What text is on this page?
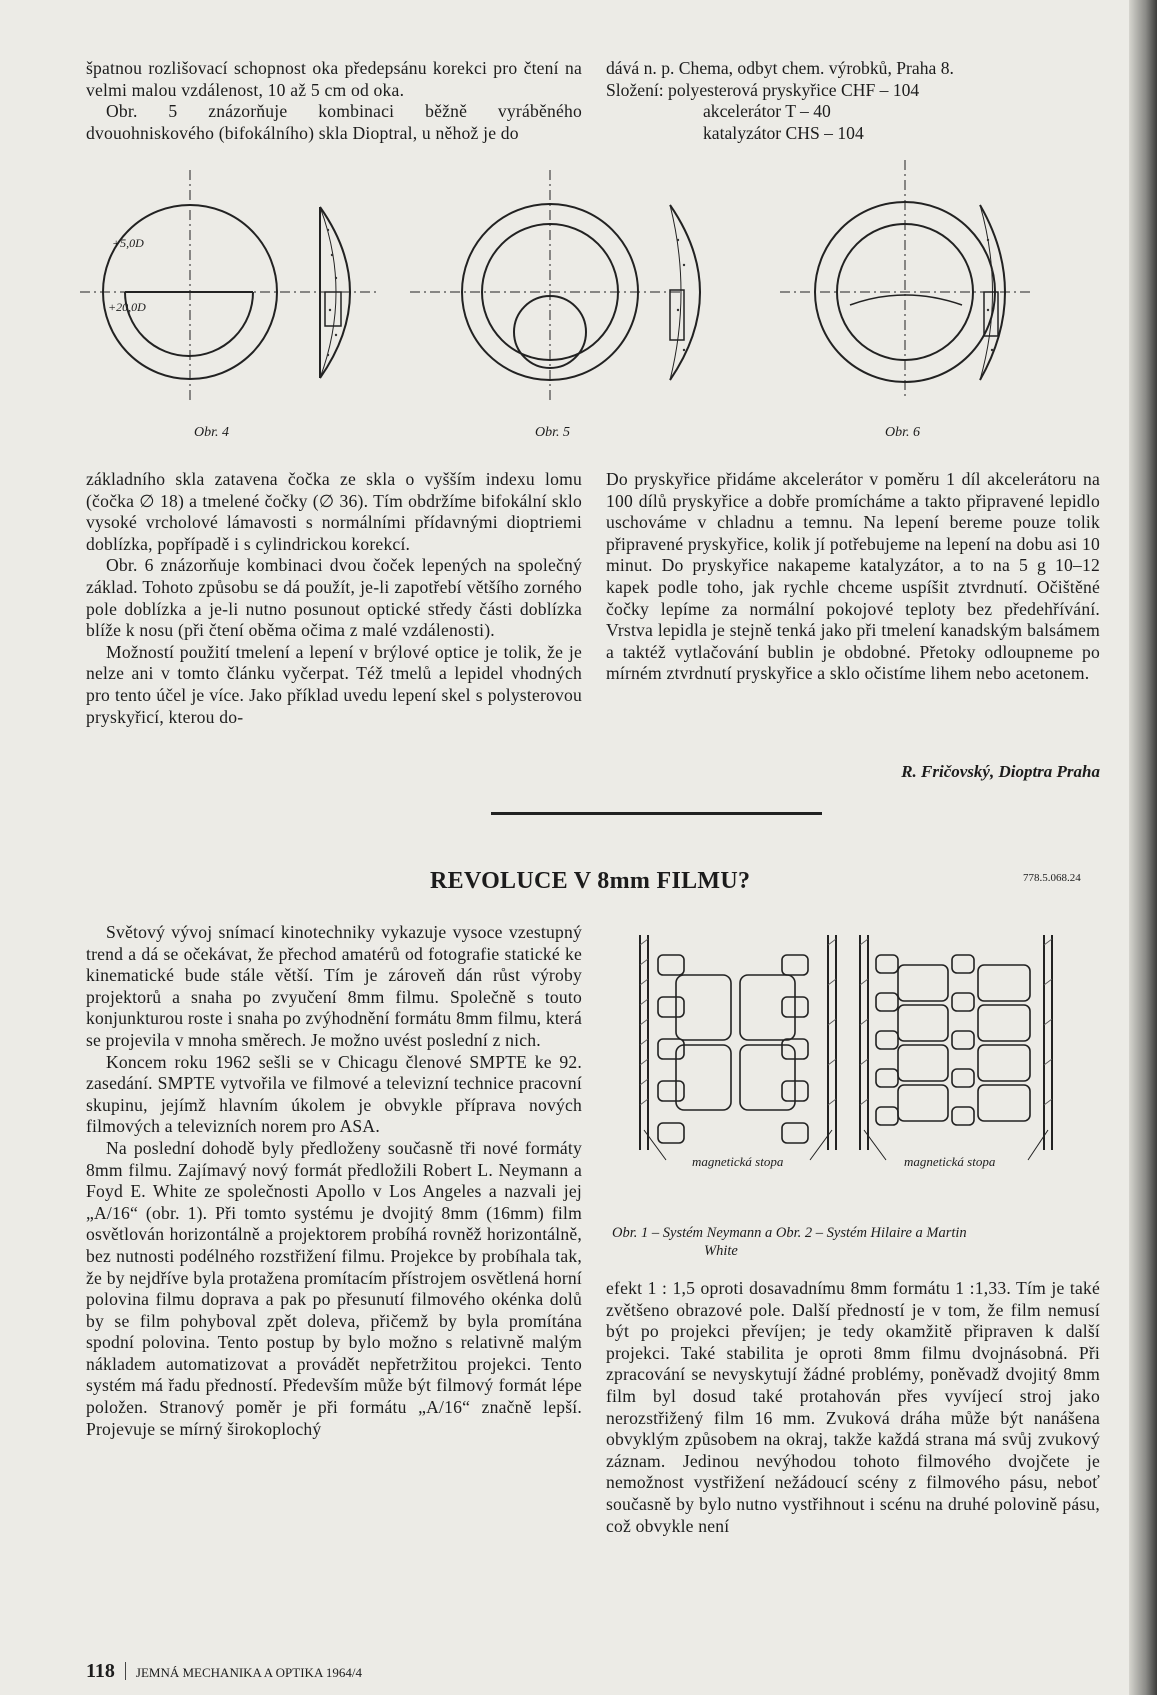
špatnou rozlišovací schopnost oka předepsánu korekci pro čtení na velmi malou vzdálenost, 10 až 5 cm od oka.

Obr. 5 znázorňuje kombinaci běžně vyráběného dvouohniskového (bifokálního) skla Dioptral, u něhož je do

dává n. p. Chema, odbyt chem. výrobků, Praha 8.
Složení: polyesterová pryskyřice CHF – 104
akcelerátor T – 40
katalyzátor CHS – 104
+5,0D
+20,0D
Obr. 4	Obr. 5	Obr. 6

základního skla zatavena čočka ze skla o vyšším indexu lomu (čočka ∅ 18) a tmelené čočky (∅ 36). Tím obdržíme bifokální sklo vysoké vrcholové lámavosti s normálními přídavnými dioptriemi doblízka, popřípadě i s cylindrickou korekcí.

Obr. 6 znázorňuje kombinaci dvou čoček lepených na společný základ. Tohoto způsobu se dá použít, je-li zapotřebí většího zorného pole doblízka a je-li nutno posunout optické středy části doblízka blíže k nosu (při čtení oběma očima z malé vzdálenosti).

Možností použití tmelení a lepení v brýlové optice je tolik, že je nelze ani v tomto článku vyčerpat. Též tmelů a lepidel vhodných pro tento účel je více. Jako příklad uvedu lepení skel s polysterovou pryskyřicí, kterou do-

Do pryskyřice přidáme akcelerátor v poměru 1 díl akcelerátoru na 100 dílů pryskyřice a dobře promícháme a takto připravené lepidlo uschováme v chladnu a temnu. Na lepení bereme pouze tolik připravené pryskyřice, kolik jí potřebujeme na lepení na dobu asi 10 minut. Do pryskyřice nakapeme katalyzátor, a to na 5 g 10–12 kapek podle toho, jak rychle chceme uspíšit ztvrdnutí. Očištěné čočky lepíme za normální pokojové teploty bez předehřívání. Vrstva lepidla je stejně tenká jako při tmelení kanadským balsámem a taktéž vytlačování bublin je obdobné. Přetoky odloupneme po mírném ztvrdnutí pryskyřice a sklo očistíme lihem nebo acetonem.

R. Fričovský, Dioptra Praha
REVOLUCE V 8mm FILMU?	778.5.068.24

Světový vývoj snímací kinotechniky vykazuje vysoce vzestupný trend a dá se očekávat, že přechod amatérů od fotografie statické ke kinematické bude stále větší. Tím je zároveň dán růst výroby projektorů a snaha po zvyučení 8mm filmu. Společně s touto konjunkturou roste i snaha po zvýhodnění formátu 8mm filmu, která se projevila v mnoha směrech. Je možno uvést poslední z nich.

Koncem roku 1962 sešli se v Chicagu členové SMPTE ke 92. zasedání. SMPTE vytvořila ve filmové a televizní technice pracovní skupinu, jejímž hlavním úkolem je obvykle příprava nových filmových a televizních norem pro ASA.

Na poslední dohodě byly předloženy současně tři nové formáty 8mm filmu. Zajímavý nový formát předložili Robert L. Neymann a Foyd E. White ze společnosti Apollo v Los Angeles a nazvali jej „A/16“ (obr. 1). Při tomto systému je dvojitý 8mm (16mm) film osvětlován horizontálně a projektorem probíhá rovněž horizontálně, bez nutnosti podélného rozstřižení filmu. Projekce by probíhala tak, že by nejdříve byla protažena promítacím přístrojem osvětlená horní polovina filmu doprava a pak po přesunutí filmového okénka dolů by se film pohyboval zpět doleva, přičemž by byla promítána spodní polovina. Tento postup by bylo možno s relativně malým nákladem automatizovat a provádět nepřetržitou projekci. Tento systém má řadu předností. Především může být filmový formát lépe položen. Stranový poměr je při formátu „A/16“ značně lepší. Projevuje se mírný širokoplochý

magnetická stopa	magnetická stopa
Obr. 1 – Systém Neymann a Obr. 2 – Systém Hilaire a Martin
White

efekt 1 : 1,5 oproti dosavadnímu 8mm formátu 1 :1,33. Tím je také zvětšeno obrazové pole. Další předností je v tom, že film nemusí být po projekci převíjen; je tedy okamžitě připraven k další projekci. Také stabilita je oproti 8mm filmu dvojnásobná. Při zpracování se nevyskytují žádné problémy, poněvadž dvojitý 8mm film byl dosud také protahován přes vyvíjecí stroj jako nerozstřižený film 16 mm. Zvuková dráha může být nanášena obvyklým způsobem na okraj, takže každá strana má svůj zvukový záznam. Jedinou nevýhodou tohoto filmového dvojčete je nemožnost vystřižení nežádoucí scény z filmového pásu, neboť současně by bylo nutno vystřihnout i scénu na druhé polovině pásu, což obvykle není

118 JEMNÁ MECHANIKA A OPTIKA 1964/4
